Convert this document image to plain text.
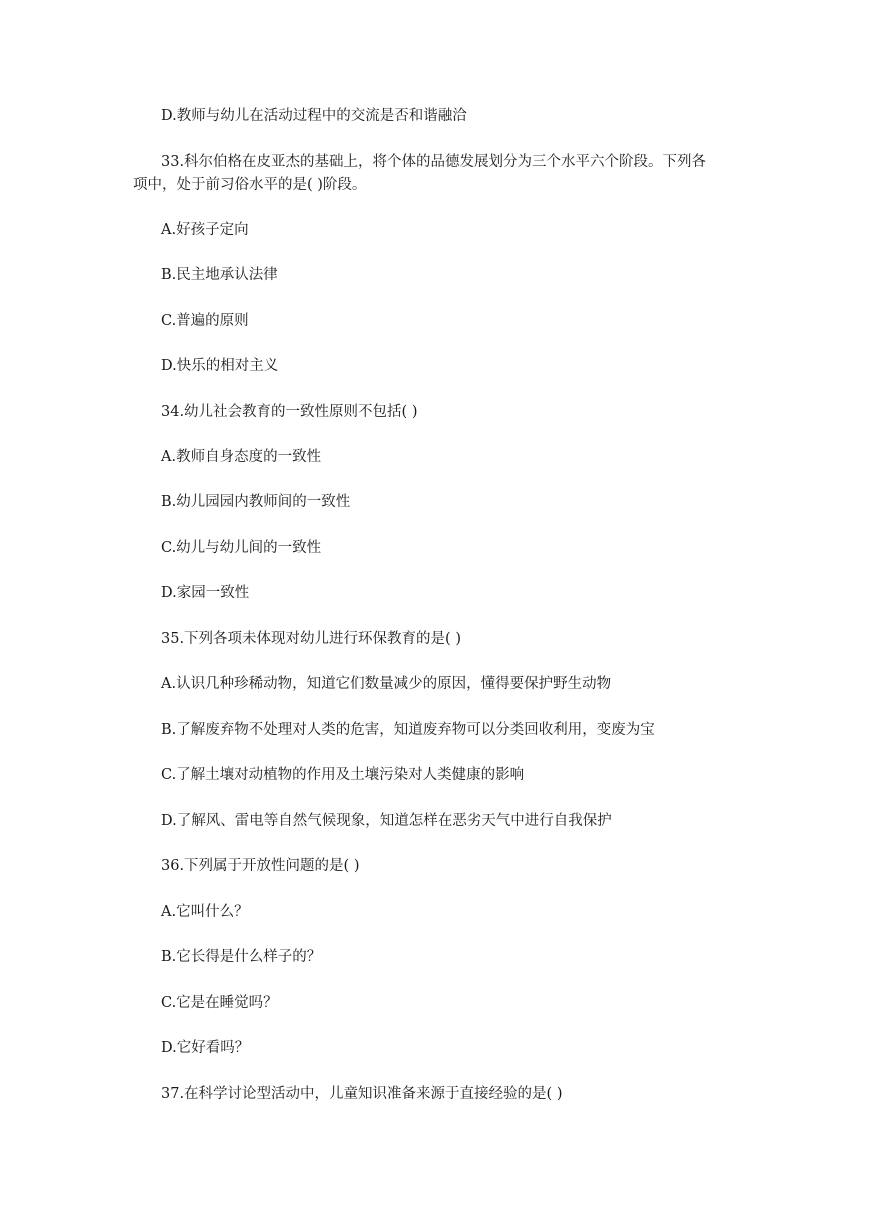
D.教师与幼儿在活动过程中的交流是否和谐融洽
33.科尔伯格在皮亚杰的基础上，将个体的品德发展划分为三个水平六个阶段。下列各
项中，处于前习俗水平的是( )阶段。
A.好孩子定向
B.民主地承认法律
C.普遍的原则
D.快乐的相对主义
34.幼儿社会教育的一致性原则不包括( )
A.教师自身态度的一致性
B.幼儿园园内教师间的一致性
C.幼儿与幼儿间的一致性
D.家园一致性
35.下列各项未体现对幼儿进行环保教育的是( )
A.认识几种珍稀动物，知道它们数量减少的原因，懂得要保护野生动物
B.了解废弃物不处理对人类的危害，知道废弃物可以分类回收利用，变废为宝
C.了解土壤对动植物的作用及土壤污染对人类健康的影响
D.了解风、雷电等自然气候现象，知道怎样在恶劣天气中进行自我保护
36.下列属于开放性问题的是( )
A.它叫什么？
B.它长得是什么样子的？
C.它是在睡觉吗？
D.它好看吗？
37.在科学讨论型活动中，儿童知识准备来源于直接经验的是( )
